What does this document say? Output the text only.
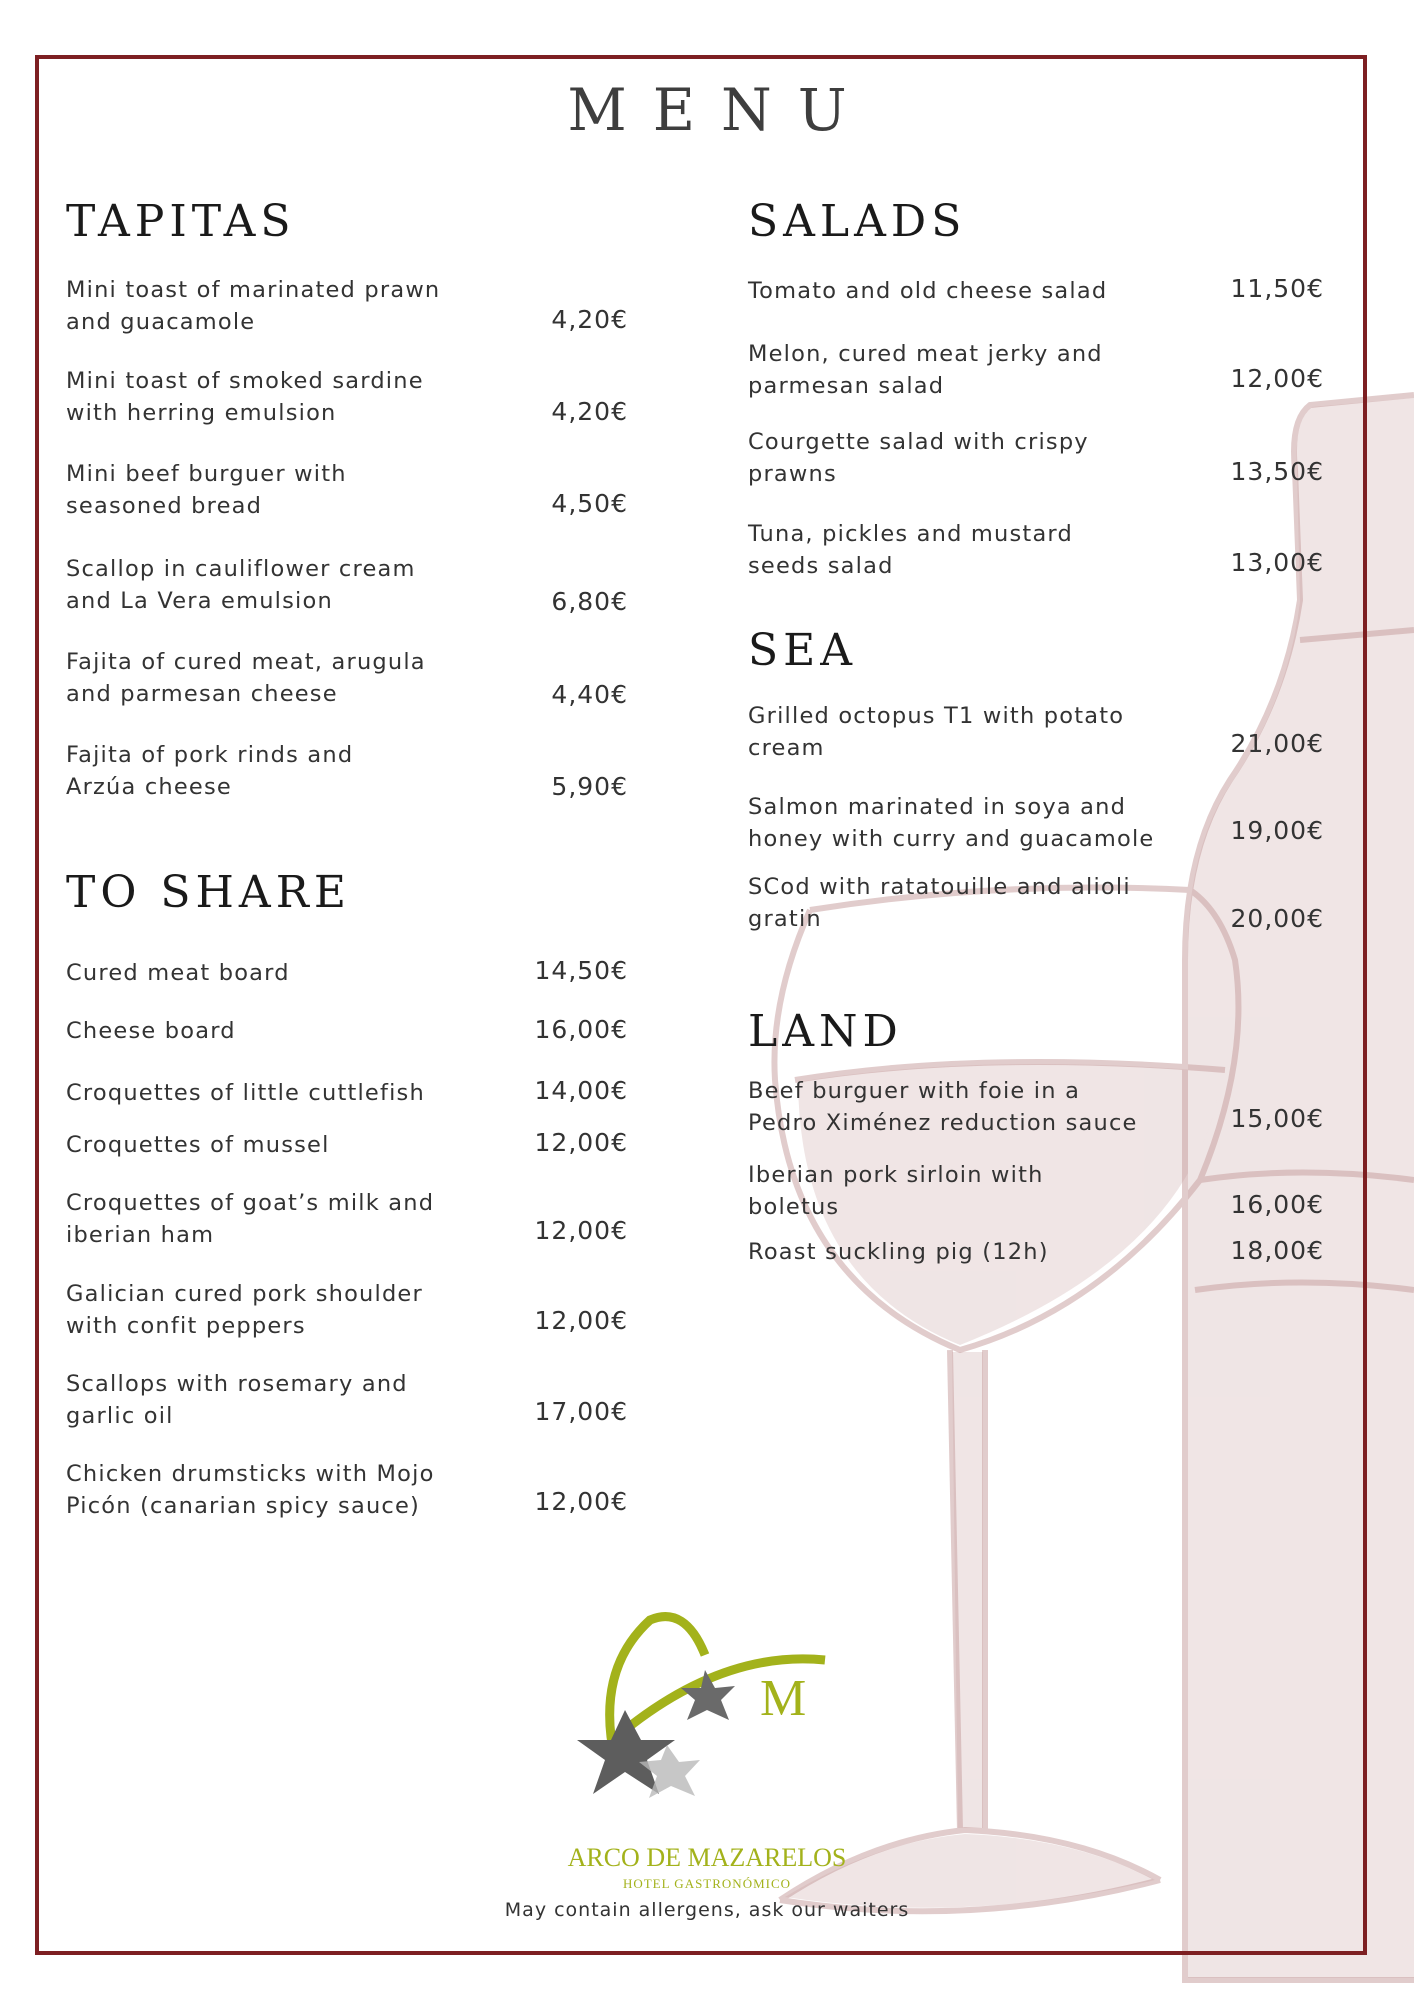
MENU
TAPITAS
Mini toast of marinated prawn
and guacamole	4,20€
Mini toast of smoked sardine
with herring emulsion	4,20€
Mini beef burguer with
seasoned bread	4,50€
Scallop in cauliflower cream
and La Vera emulsion	6,80€
Fajita of cured meat, arugula
and parmesan cheese	4,40€
Fajita of pork rinds and
Arzúa cheese	5,90€
TO SHARE
Cured meat board	14,50€
Cheese board	16,00€
Croquettes of little cuttlefish	14,00€
Croquettes of mussel	12,00€
Croquettes of goat’s milk and
iberian ham	12,00€
Galician cured pork shoulder
with confit peppers	12,00€
Scallops with rosemary and
garlic oil	17,00€
Chicken drumsticks with Mojo
Picón (canarian spicy sauce)	12,00€
SALADS
Tomato and old cheese salad	11,50€
Melon, cured meat jerky and
parmesan salad	12,00€
Courgette salad with crispy
prawns	13,50€
Tuna, pickles and mustard
seeds salad	13,00€
SEA
Grilled octopus T1 with potato
cream	21,00€
Salmon marinated in soya and
honey with curry and guacamole	19,00€
SCod with ratatouille and alioli
gratin	20,00€
LAND
Beef burguer with foie in a
Pedro Ximénez reduction sauce	15,00€
Iberian pork sirloin with
boletus	16,00€
Roast suckling pig (12h)	18,00€
M
ARCO DE MAZARELOS
HOTEL GASTRONÓMICO
May contain allergens, ask our waiters
